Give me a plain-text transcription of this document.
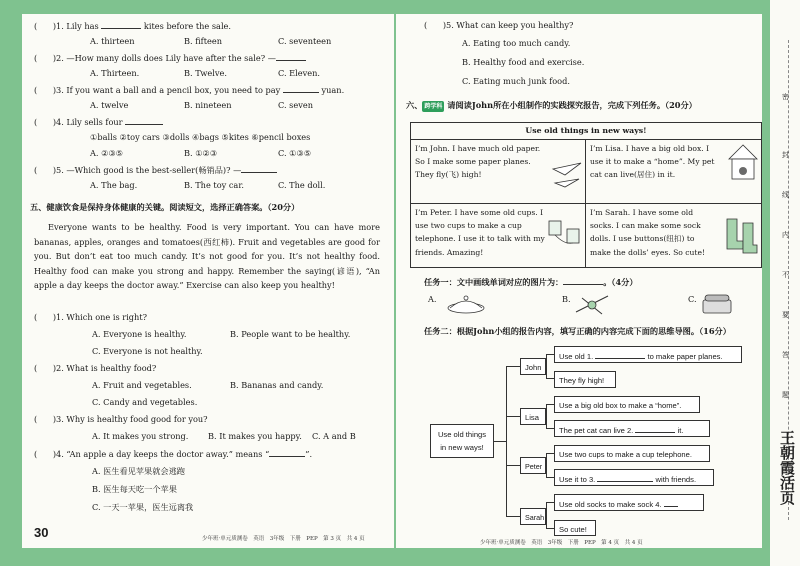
( )1. Lily has	kites before the sale.
A. thirteen	B. fifteen	C. seventeen
( )2. —How many dolls does Lily have after the sale? —
A. Thirteen.	B. Twelve.	C. Eleven.
( )3. If you want a ball and a pencil box, you need to pay	yuan.
A. twelve	B. nineteen	C. seven
( )4. Lily sells four
①balls ②toy cars ③dolls ④bags ⑤kites ⑥pencil boxes
A. ②③⑤	B. ①②③	C. ①③⑤
( )5. —Which good is the best-seller(畅销品)? —
A. The bag.	B. The toy car.	C. The doll.
五、健康饮食是保持身体健康的关键。阅读短文，选择正确答案。（20分）
Everyone wants to be healthy. Food is very important. You can have more bananas, apples, oranges and tomatoes(西红柿). Fruit and vegetables are good for you. But don’t eat too much candy. It’s not good for you. It’s not healthy food. Healthy food can make you strong and happy. Remember the saying(谚语), “An apple a day keeps the doctor away.” Exercise can also keep you healthy!
( )1. Which one is right?
A. Everyone is healthy.	B. People want to be healthy.
C. Everyone is not healthy.
( )2. What is healthy food?
A. Fruit and vegetables.	B. Bananas and candy.
C. Candy and vegetables.
( )3. Why is healthy food good for you?
A. It makes you strong. B. It makes you happy. C. A and B
( )4. “An apple a day keeps the doctor away.” means “	”.
A. 医生看见苹果就会逃跑
B. 医生每天吃一个苹果
C. 一天一苹果，医生远离我
30	少年班·单元质测卷　英语　3年级　下册　PEP　第 3 页　共 4 页
( )5. What can keep you healthy?
A. Eating too much candy.
B. Healthy food and exercise.
C. Eating much junk food.
六、 跨学科 请阅读John所在小组制作的实践探究报告，完成下列任务。（20分）
Use old things in new ways!
I’m John. I have much old paper. So I make some paper planes. They fly(飞) high!
I’m Lisa. I have a big old box. I use it to make a “home”. My pet cat can live(居住) in it.
I’m Peter. I have some old cups. I use two cups to make a cup telephone. I use it to talk with my friends. Amazing!
I’m Sarah. I have some old socks. I can make some sock dolls. I use buttons(纽扣) to make the dolls’ eyes. So cute!
任务一：文中画线单词对应的图片为：	。（4分）
A.	B.	C.
任务二：根据John小组的报告内容，填写正确的内容完成下面的思维导图。（16分）
Use old things in new ways!
John
Use old 1.	to make paper planes.
They fly high!
Lisa
Use a big old box to make a “home”.
The pet cat can live 2.	it.
Peter
Use two cups to make a cup telephone.
Use it to 3.	with friends.
Sarah
Use old socks to make sock 4.
So cute!
少年班·单元质测卷　英语　3年级　下册　PEP　第 4 页　共 4 页
密
封
线
内
不
要
答
题
王朝霞活页
